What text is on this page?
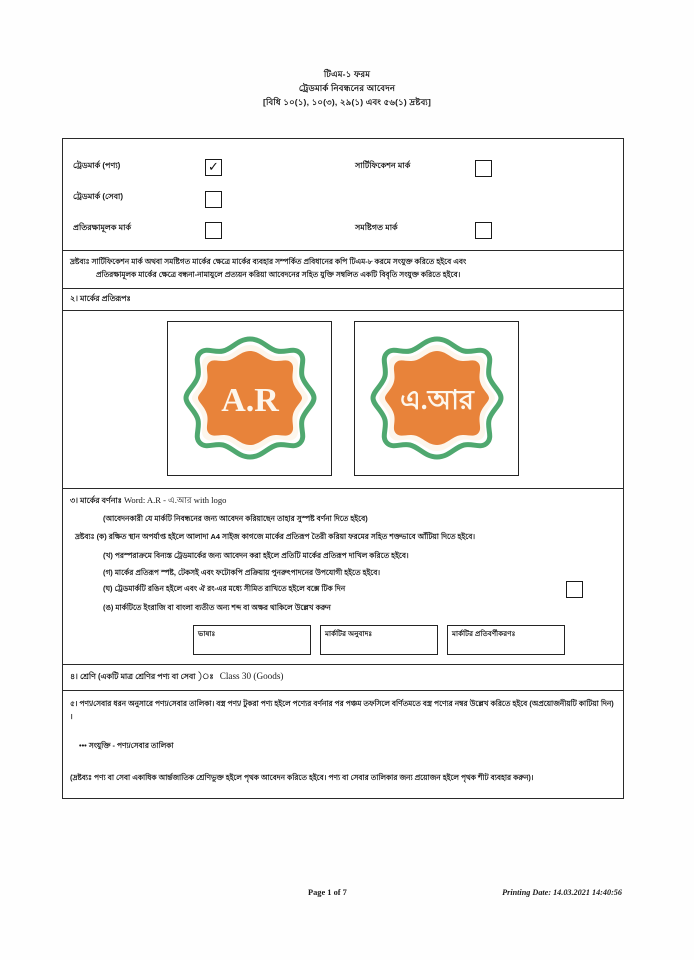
টিএম-১ ফরম
ট্রেডমার্ক নিবন্ধনের আবেদন
[বিধি ১০(১), ১০(৩), ২৯(১) এবং ৫৬(১) দ্রষ্টব্য]
ট্রেডমার্ক (পণ্য)	✓	সার্টিফিকেশন মার্ক
ট্রেডমার্ক (সেবা)
প্রতিরক্ষামূলক মার্ক	সমষ্টিগত মার্ক
দ্রষ্টব্যঃ সার্টিফিকেশন মার্ক অথবা সমষ্টিগত মার্কের ক্ষেত্রে মার্কের ব্যবহার সম্পর্কিত প্রবিধানের কপি টিএম-৮ করমে সংযুক্ত করিতে হইবে এবং
প্রতিরক্ষামূলক মার্কের ক্ষেত্রে বন্ধনা-নামাযুলে প্রত্যয়ন করিয়া আবেদনের সহিত যুক্তি সম্বলিত একটি বিবৃতি সংযুক্ত করিতে হইবে।
২। মার্কের প্রতিরূপঃ
A.R	এ.আর
৩। মার্কের বর্ণনাঃ Word: A.R - এ.আর with logo
(আবেদনকারী যে মার্কটি নিবন্ধনের জন্য আবেদন করিয়াছেন তাহার সুস্পষ্ট বর্ণনা দিতে হইবে)
দ্রষ্টব্যঃ (ক) রক্ষিত স্থান অপর্যাপ্ত হইলে আলাদা A4 সাইজ কাগজে মার্কের প্রতিরূপ তৈরী করিয়া ফরমের সহিত শক্তভাবে আঁটিয়া দিতে হইবে।
(খ) পরস্পরাক্রমে বিন্যস্ত ট্রেডমার্কের জন্য আবেদন করা হইলে প্রতিটি মার্কের প্রতিরূপ দাখিল করিতে হইবে।
(গ) মার্কের প্রতিরূপ স্পষ্ট, টেকসই এবং ফটোকপি প্রক্রিয়ায় পুনরুৎপাদনের উপযোগী হইতে হইবে।
(ঘ) ট্রেডমার্কটি রঙিন হইলে এবং ঐ রং-এর মধ্যে সীমিত রাখিতে হইলে বক্সে টিক দিন
(ঙ) মার্কটিতে ইংরাজি বা বাংলা ব্যতীত অন্য শব্দ বা অক্ষর থাকিলে উল্লেখ করুন
ভাষাঃ	মার্কটির অনুবাদঃ	মার্কটির প্রতিবর্ণীকরণঃ
৪। শ্রেণি (একটি মাত্র শ্রেণির পণ্য বা সেবা )ঃ Class 30 (Goods)
৫। পণ্য/সেবার ধরন অনুসারে পণ্য/সেবার তালিকা। বস্ত্র পণ্য/ টুকরা পণ্য হইলে পণ্যের বর্ণনার পর পঞ্চম তফসিলে বর্ণিতমতে বস্ত্র পণ্যের নম্বর উল্লেখ করিতে হইবে (অপ্রয়োজনীয়টি কাটিয়া দিন) ।
••• সংযুক্তি - পণ্য/সেবার তালিকা
(দ্রষ্টব্যঃ পণ্য বা সেবা একাধিক আর্ন্তজাতিক শ্রেণিভুক্ত হইলে পৃথক আবেদন করিতে হইবে। পণ্য বা সেবার তালিকার জন্য প্রয়োজন হইলে পৃথক শীট ব্যবহার করুন)।
Page 1 of 7	Printing Date: 14.03.2021 14:40:56
